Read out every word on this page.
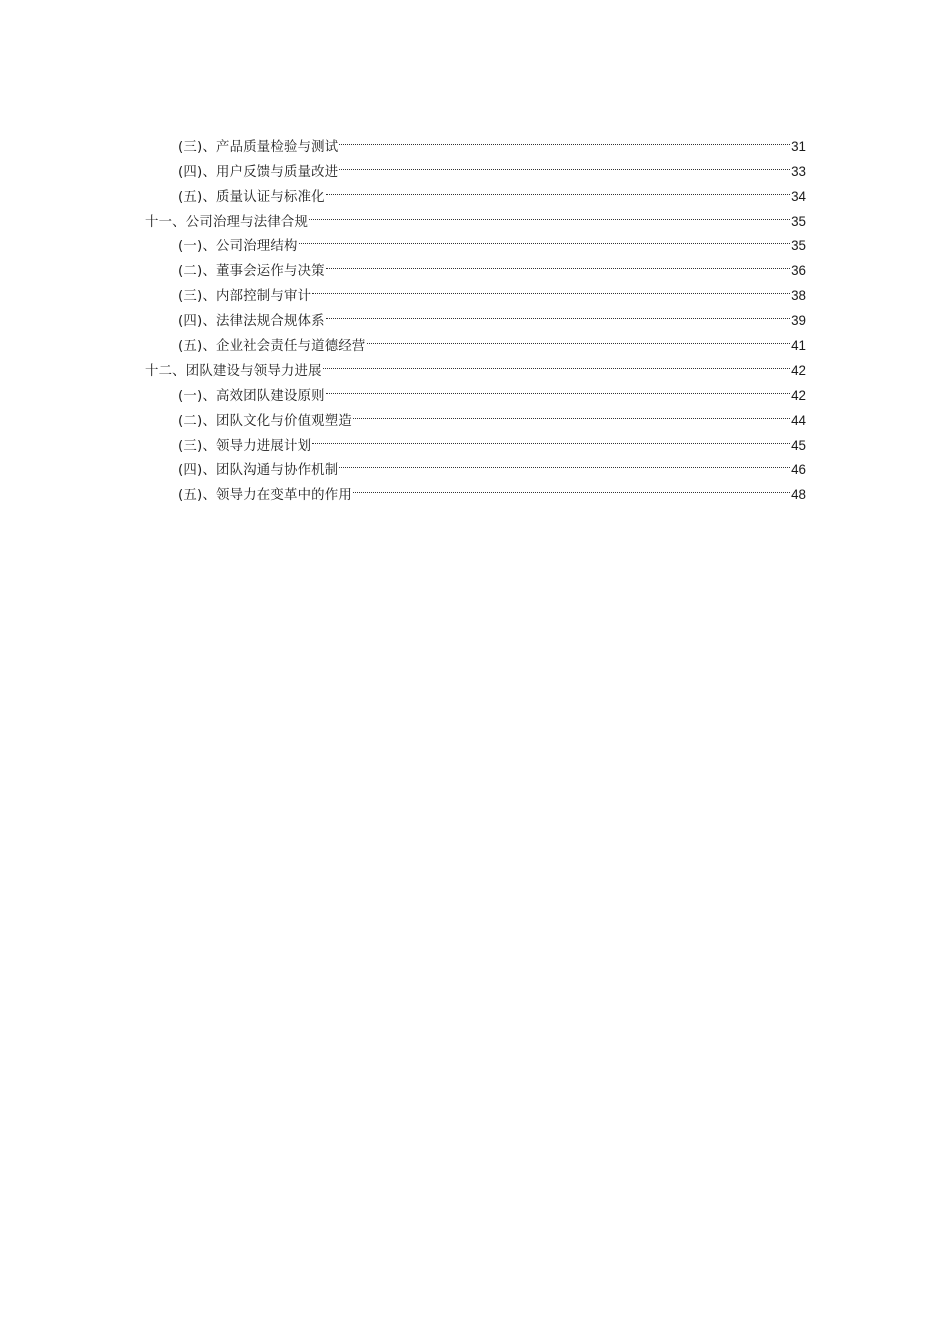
(三)、产品质量检验与测试	31
(四)、用户反馈与质量改进	33
(五)、质量认证与标准化	34
十一、公司治理与法律合规	35
(一)、公司治理结构	35
(二)、董事会运作与决策	36
(三)、内部控制与审计	38
(四)、法律法规合规体系	39
(五)、企业社会责任与道德经营	41
十二、团队建设与领导力进展	42
(一)、高效团队建设原则	42
(二)、团队文化与价值观塑造	44
(三)、领导力进展计划	45
(四)、团队沟通与协作机制	46
(五)、领导力在变革中的作用	48
